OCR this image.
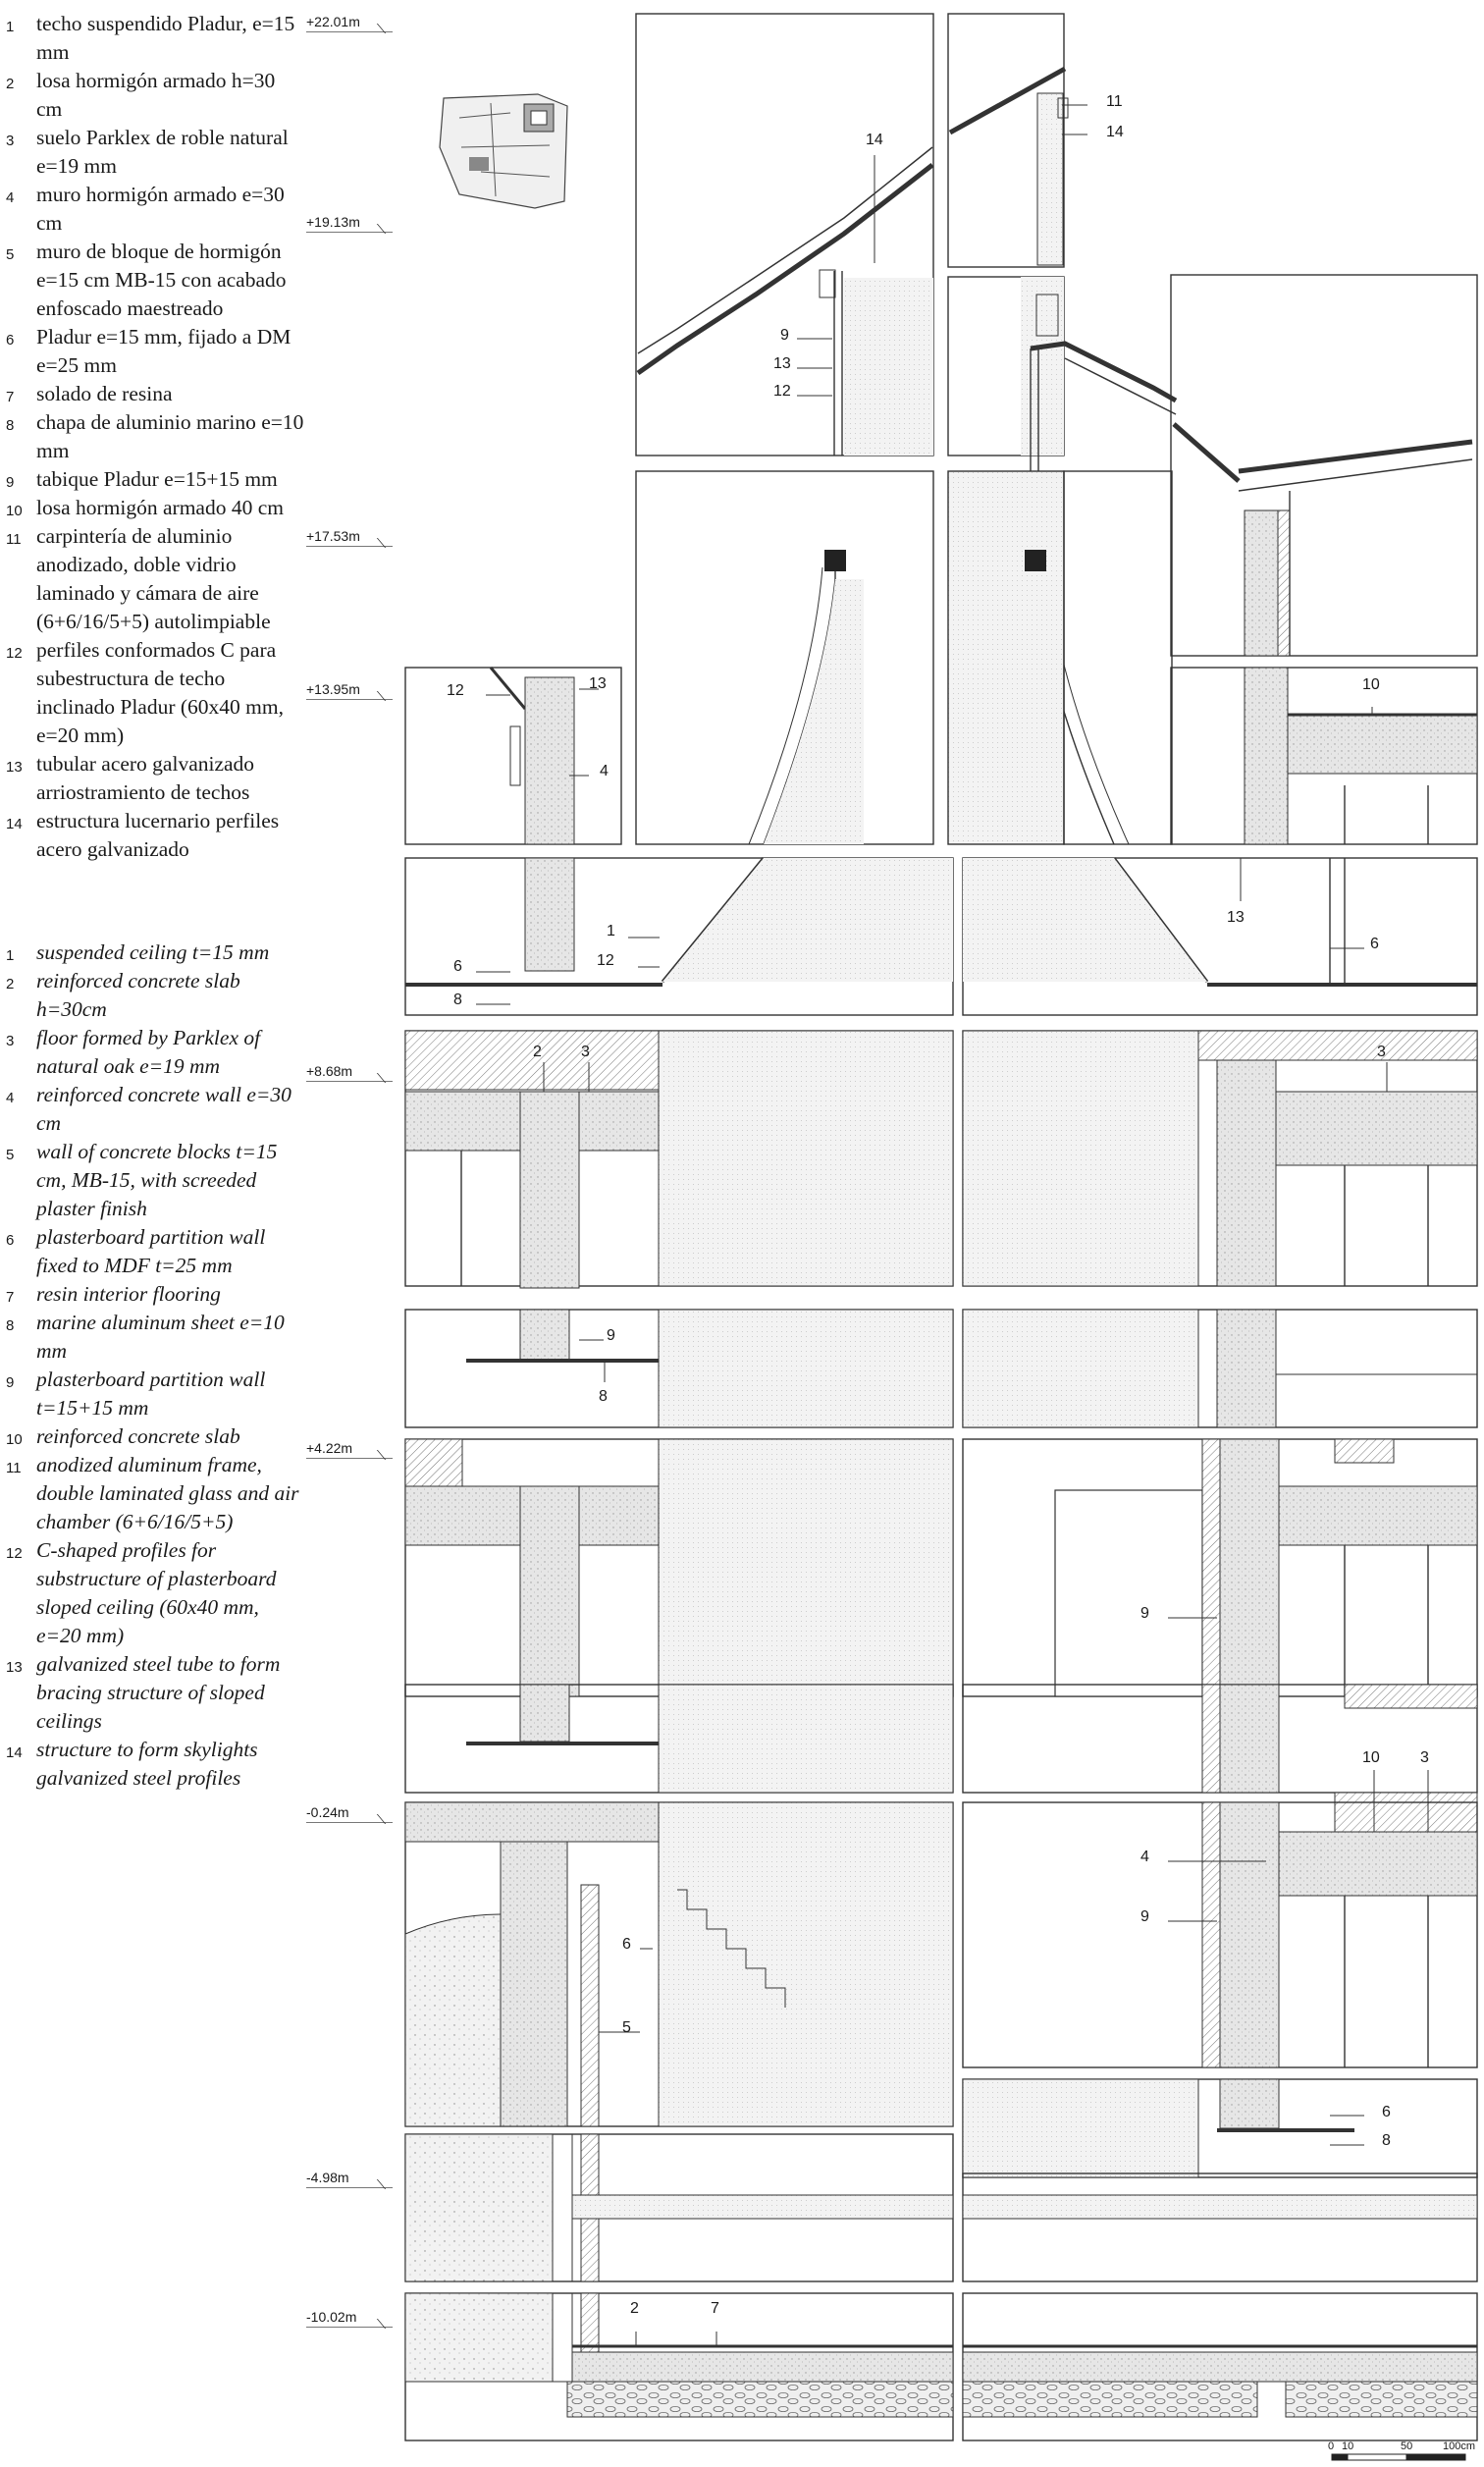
1 techo suspendido Pladur, e=15 mm
2 losa hormigón armado h=30 cm
3 suelo Parklex de roble natural e=19 mm
4 muro hormigón armado e=30 cm
5 muro de bloque de hormigón e=15 cm MB-15 con acabado enfoscado maestreado
6 Pladur e=15 mm, fijado a DM e=25 mm
7 solado de resina
8 chapa de aluminio marino e=10 mm
9 tabique Pladur e=15+15 mm
10 losa hormigón armado 40 cm
11 carpintería de aluminio anodizado, doble vidrio laminado y cámara de aire (6+6/16/5+5) autolimpiable
12 perfiles conformados C para subestructura de techo inclinado Pladur (60x40 mm, e=20 mm)
13 tubular acero galvanizado arriostramiento de techos
14 estructura lucernario perfiles acero galvanizado
1 suspended ceiling t=15 mm
2 reinforced concrete slab h=30cm
3 floor formed by Parklex of natural oak e=19 mm
4 reinforced concrete wall e=30 cm
5 wall of concrete blocks t=15 cm, MB-15, with screeded plaster finish
6 plasterboard partition wall fixed to MDF t=25 mm
7 resin interior flooring
8 marine aluminum sheet e=10 mm
9 plasterboard partition wall t=15+15 mm
10 reinforced concrete slab
11 anodized aluminum frame, double laminated glass and air chamber (6+6/16/5+5)
12 C-shaped profiles for substructure of plasterboard sloped ceiling (60x40 mm, e=20 mm)
13 galvanized steel tube to form bracing structure of sloped ceilings
14 structure to form skylights galvanized steel profiles
+22.01m
+19.13m
+17.53m
+13.95m
+8.68m
+4.22m
-0.24m
-4.98m
-10.02m
14
11
14
9
13
12
12	13
4
10
1
12
6
8
13
6
2	3	3
9
8
9
10	3
4
9
6
5
6
8
2	7
0 10	50	100cm
